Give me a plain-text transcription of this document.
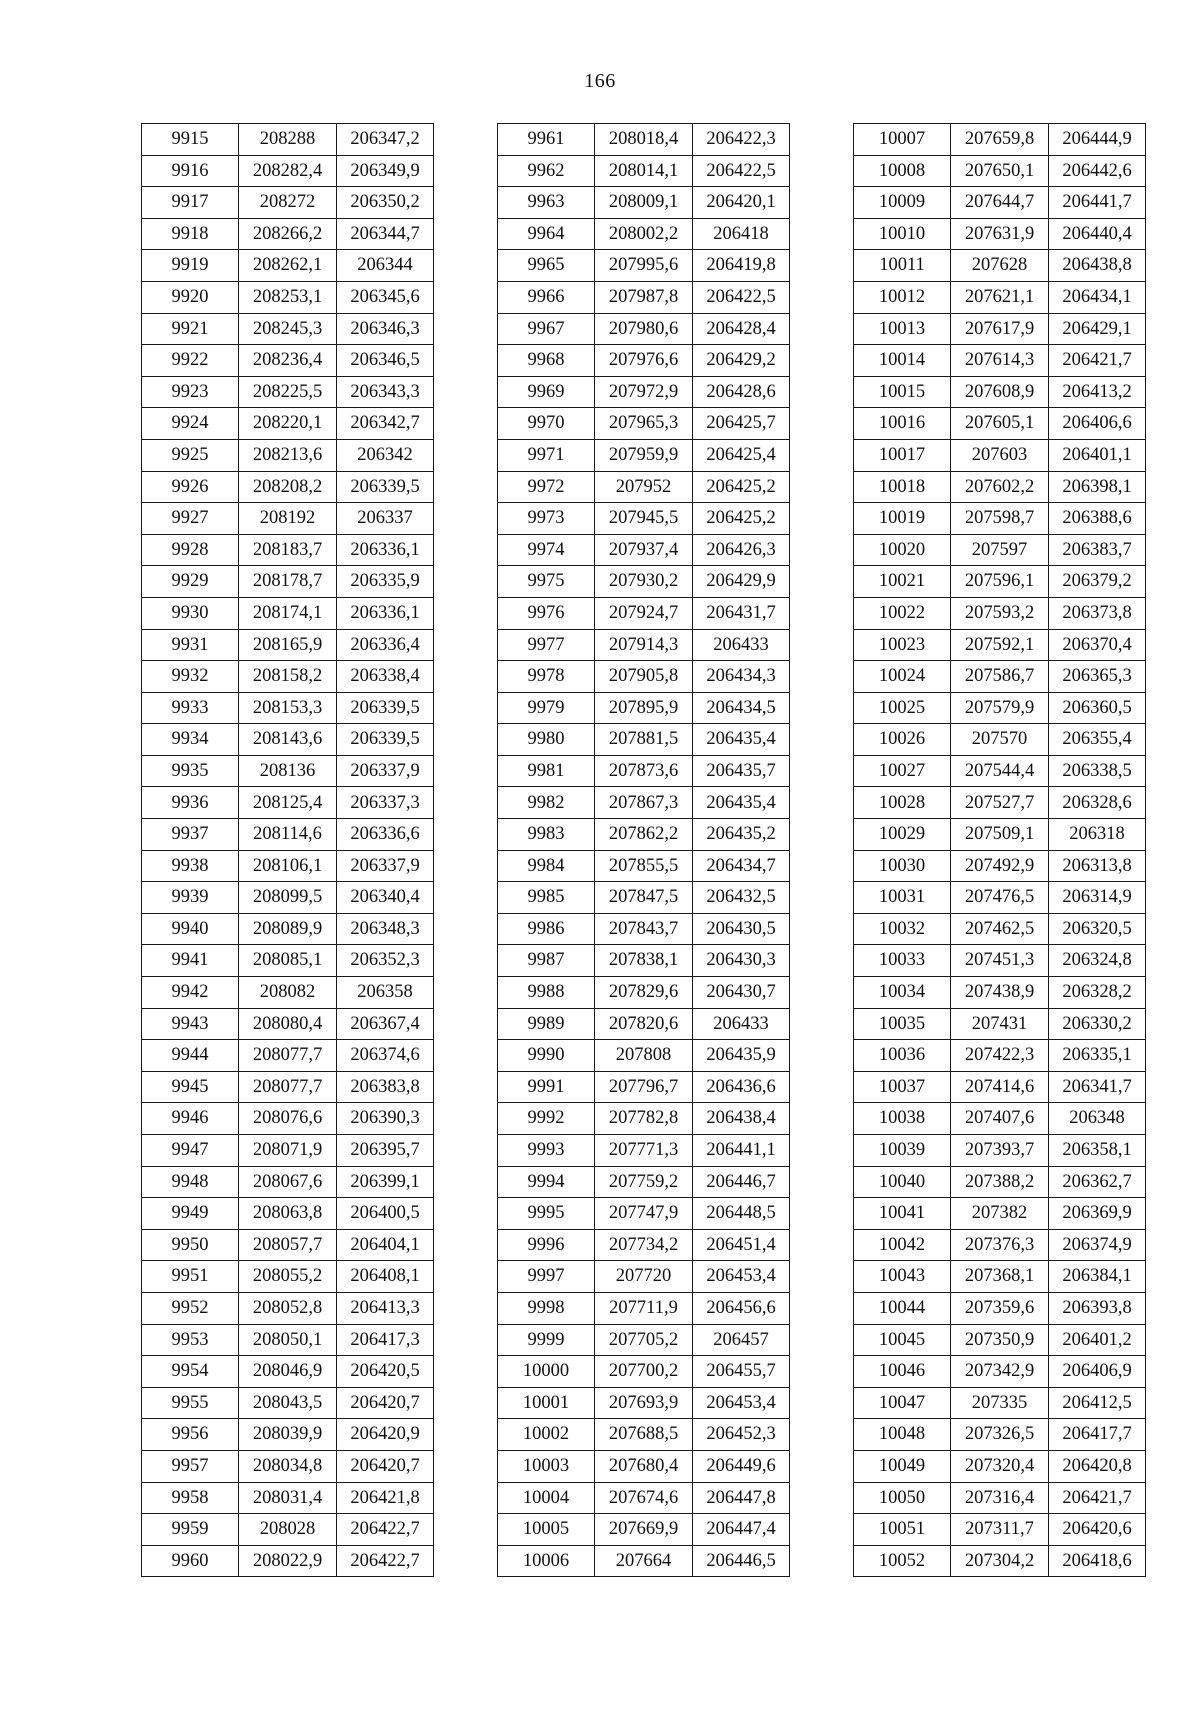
166
9915	208288	206347,2
9916	208282,4	206349,9
9917	208272	206350,2
9918	208266,2	206344,7
9919	208262,1	206344
9920	208253,1	206345,6
9921	208245,3	206346,3
9922	208236,4	206346,5
9923	208225,5	206343,3
9924	208220,1	206342,7
9925	208213,6	206342
9926	208208,2	206339,5
9927	208192	206337
9928	208183,7	206336,1
9929	208178,7	206335,9
9930	208174,1	206336,1
9931	208165,9	206336,4
9932	208158,2	206338,4
9933	208153,3	206339,5
9934	208143,6	206339,5
9935	208136	206337,9
9936	208125,4	206337,3
9937	208114,6	206336,6
9938	208106,1	206337,9
9939	208099,5	206340,4
9940	208089,9	206348,3
9941	208085,1	206352,3
9942	208082	206358
9943	208080,4	206367,4
9944	208077,7	206374,6
9945	208077,7	206383,8
9946	208076,6	206390,3
9947	208071,9	206395,7
9948	208067,6	206399,1
9949	208063,8	206400,5
9950	208057,7	206404,1
9951	208055,2	206408,1
9952	208052,8	206413,3
9953	208050,1	206417,3
9954	208046,9	206420,5
9955	208043,5	206420,7
9956	208039,9	206420,9
9957	208034,8	206420,7
9958	208031,4	206421,8
9959	208028	206422,7
9960	208022,9	206422,7
9961	208018,4	206422,3
9962	208014,1	206422,5
9963	208009,1	206420,1
9964	208002,2	206418
9965	207995,6	206419,8
9966	207987,8	206422,5
9967	207980,6	206428,4
9968	207976,6	206429,2
9969	207972,9	206428,6
9970	207965,3	206425,7
9971	207959,9	206425,4
9972	207952	206425,2
9973	207945,5	206425,2
9974	207937,4	206426,3
9975	207930,2	206429,9
9976	207924,7	206431,7
9977	207914,3	206433
9978	207905,8	206434,3
9979	207895,9	206434,5
9980	207881,5	206435,4
9981	207873,6	206435,7
9982	207867,3	206435,4
9983	207862,2	206435,2
9984	207855,5	206434,7
9985	207847,5	206432,5
9986	207843,7	206430,5
9987	207838,1	206430,3
9988	207829,6	206430,7
9989	207820,6	206433
9990	207808	206435,9
9991	207796,7	206436,6
9992	207782,8	206438,4
9993	207771,3	206441,1
9994	207759,2	206446,7
9995	207747,9	206448,5
9996	207734,2	206451,4
9997	207720	206453,4
9998	207711,9	206456,6
9999	207705,2	206457
10000	207700,2	206455,7
10001	207693,9	206453,4
10002	207688,5	206452,3
10003	207680,4	206449,6
10004	207674,6	206447,8
10005	207669,9	206447,4
10006	207664	206446,5
10007	207659,8	206444,9
10008	207650,1	206442,6
10009	207644,7	206441,7
10010	207631,9	206440,4
10011	207628	206438,8
10012	207621,1	206434,1
10013	207617,9	206429,1
10014	207614,3	206421,7
10015	207608,9	206413,2
10016	207605,1	206406,6
10017	207603	206401,1
10018	207602,2	206398,1
10019	207598,7	206388,6
10020	207597	206383,7
10021	207596,1	206379,2
10022	207593,2	206373,8
10023	207592,1	206370,4
10024	207586,7	206365,3
10025	207579,9	206360,5
10026	207570	206355,4
10027	207544,4	206338,5
10028	207527,7	206328,6
10029	207509,1	206318
10030	207492,9	206313,8
10031	207476,5	206314,9
10032	207462,5	206320,5
10033	207451,3	206324,8
10034	207438,9	206328,2
10035	207431	206330,2
10036	207422,3	206335,1
10037	207414,6	206341,7
10038	207407,6	206348
10039	207393,7	206358,1
10040	207388,2	206362,7
10041	207382	206369,9
10042	207376,3	206374,9
10043	207368,1	206384,1
10044	207359,6	206393,8
10045	207350,9	206401,2
10046	207342,9	206406,9
10047	207335	206412,5
10048	207326,5	206417,7
10049	207320,4	206420,8
10050	207316,4	206421,7
10051	207311,7	206420,6
10052	207304,2	206418,6
